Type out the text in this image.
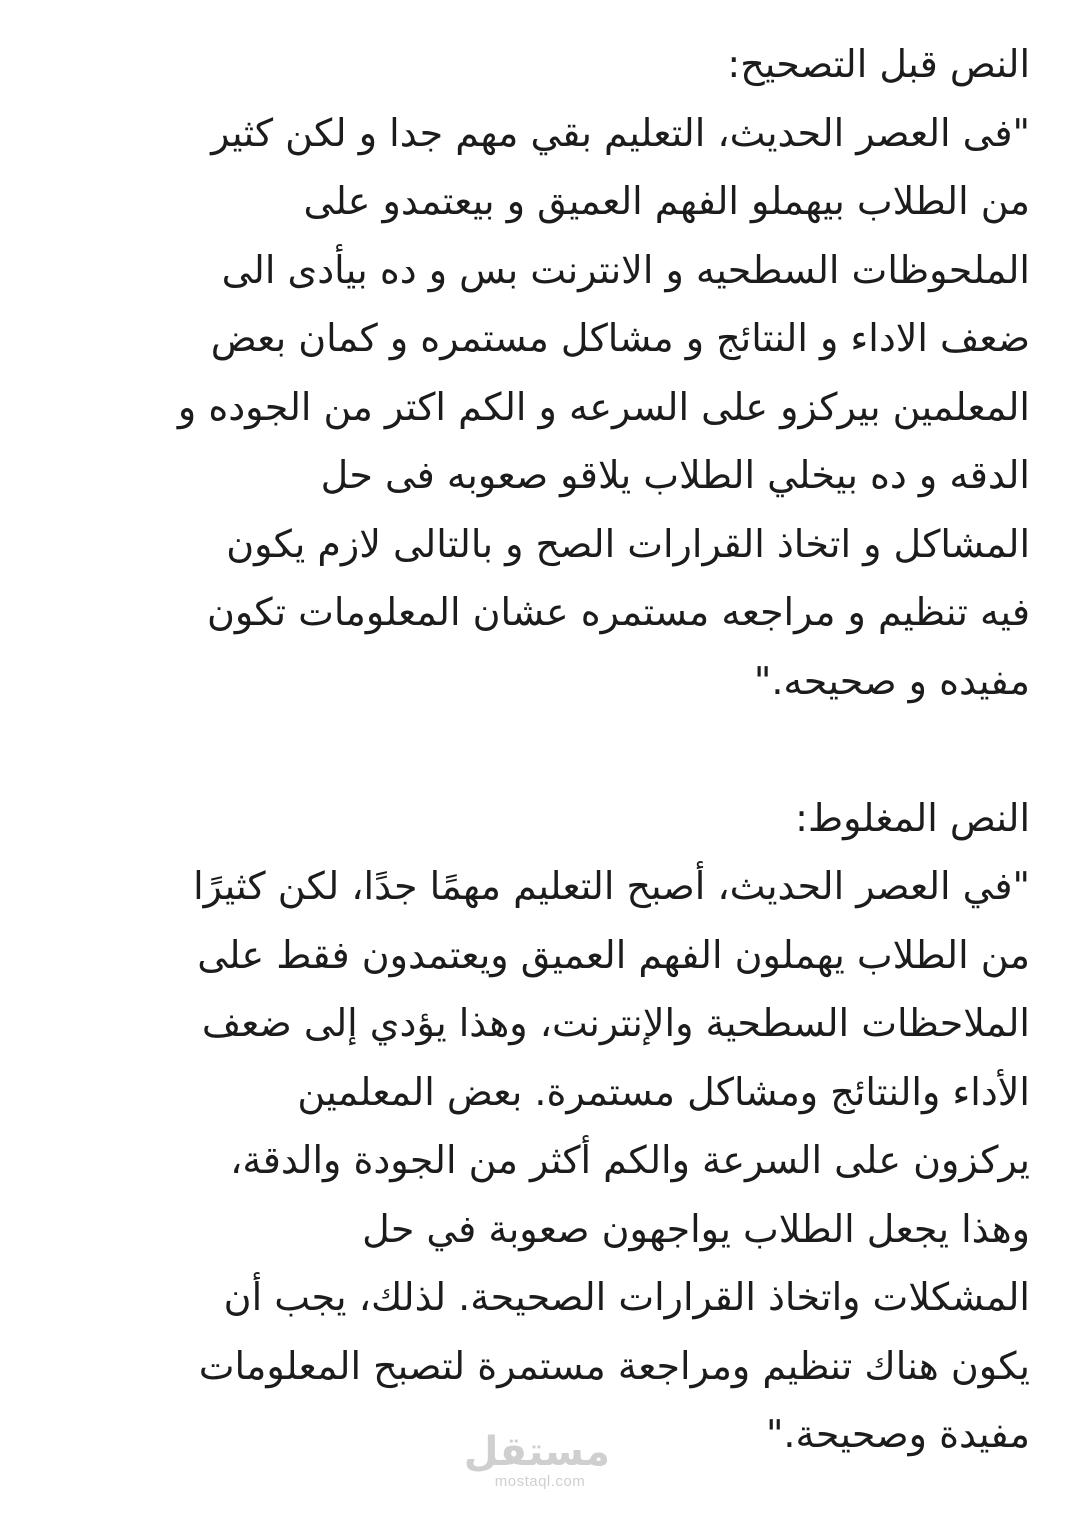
النص قبل التصحيح:
"فى العصر الحديث، التعليم بقي مهم جدا و لكن كثير
من الطلاب بيهملو الفهم العميق و بيعتمدو على
الملحوظات السطحيه و الانترنت بس و ده بيأدى الى
ضعف الاداء و النتائج و مشاكل مستمره و كمان بعض
المعلمين بيركزو على السرعه و الكم اكتر من الجوده و
الدقه و ده بيخلي الطلاب يلاقو صعوبه فى حل
المشاكل و اتخاذ القرارات الصح و بالتالى لازم يكون
فيه تنظيم و مراجعه مستمره عشان المعلومات تكون
مفيده و صحيحه."
النص المغلوط:
"في العصر الحديث، أصبح التعليم مهمًا جدًا، لكن كثيرًا
من الطلاب يهملون الفهم العميق ويعتمدون فقط على
الملاحظات السطحية والإنترنت، وهذا يؤدي إلى ضعف
الأداء والنتائج ومشاكل مستمرة. بعض المعلمين
يركزون على السرعة والكم أكثر من الجودة والدقة،
وهذا يجعل الطلاب يواجهون صعوبة في حل
المشكلات واتخاذ القرارات الصحيحة. لذلك، يجب أن
يكون هناك تنظيم ومراجعة مستمرة لتصبح المعلومات
مفيدة وصحيحة."
مستقل
mostaql.com
